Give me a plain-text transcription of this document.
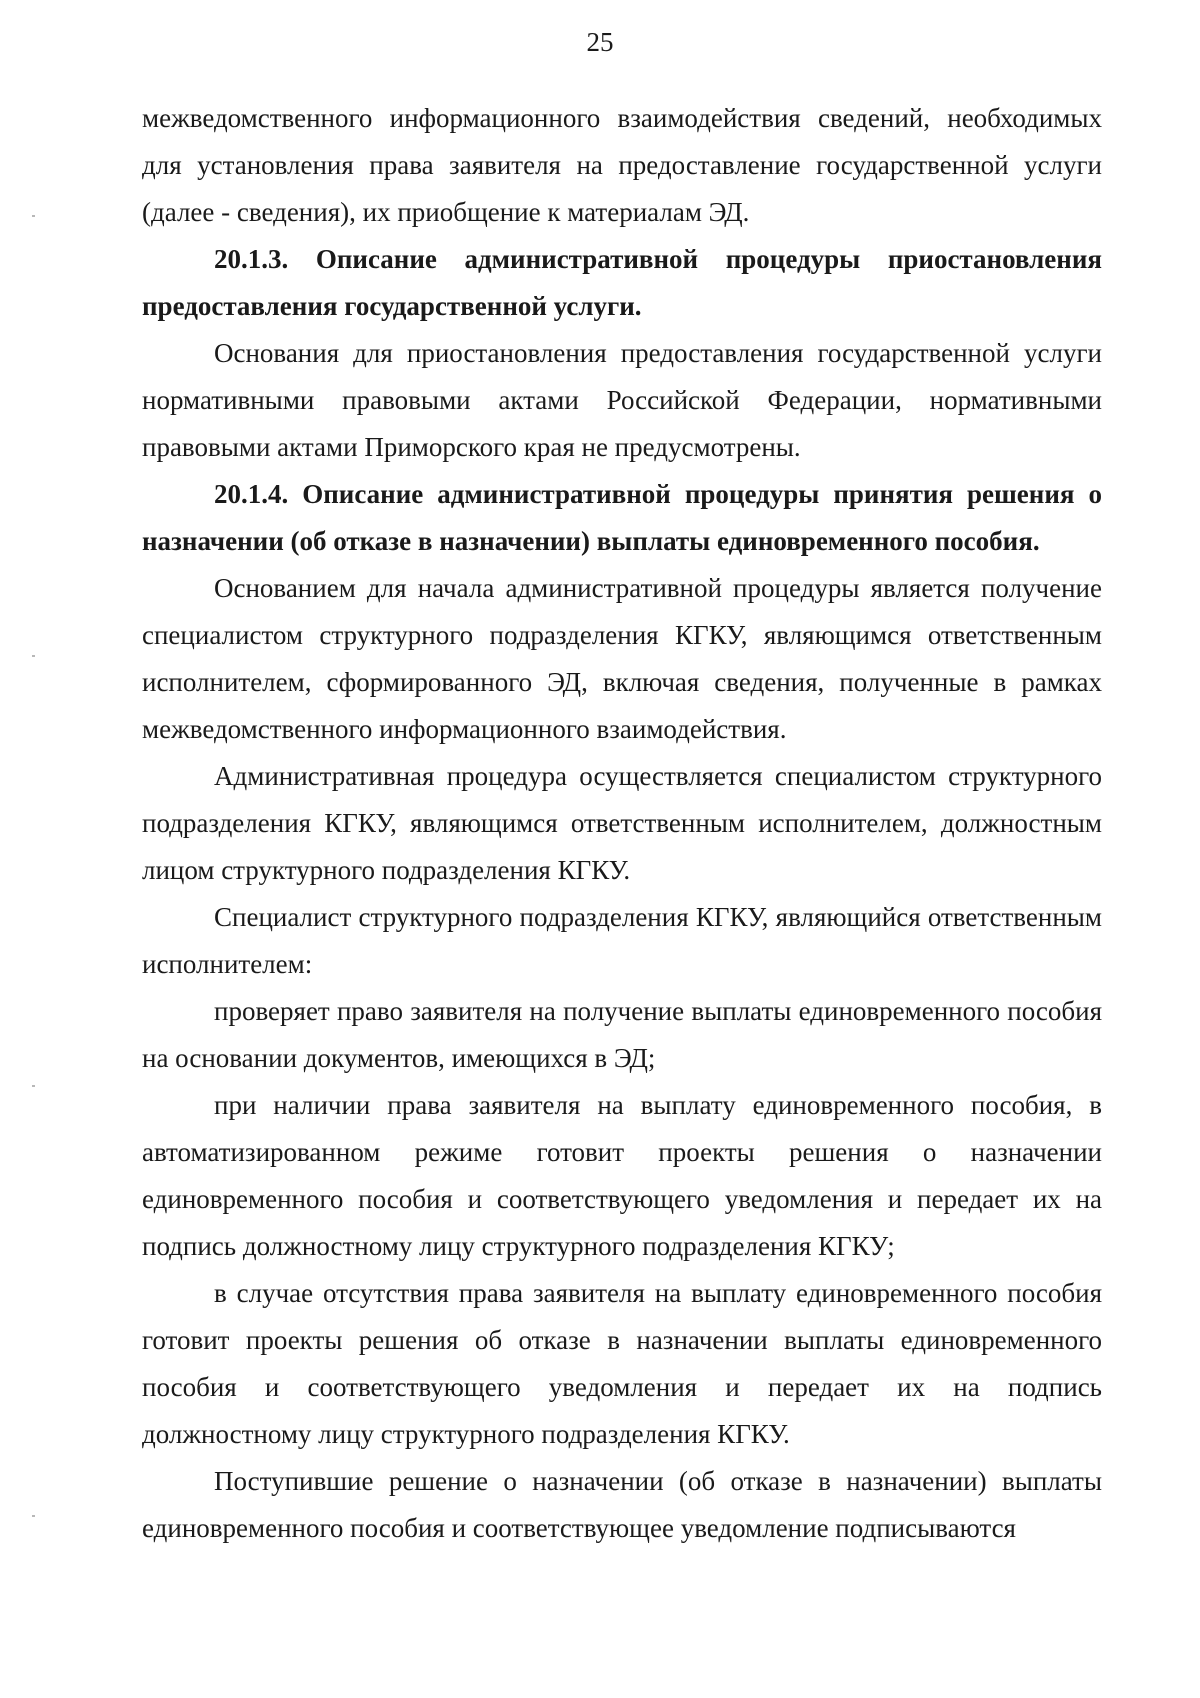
25

межведомственного информационного взаимодействия сведений, необходимых для установления права заявителя на предоставление государственной услуги (далее - сведения), их приобщение к материалам ЭД.

20.1.3. Описание административной процедуры приостановления предоставления государственной услуги.

Основания для приостановления предоставления государственной услуги нормативными правовыми актами Российской Федерации, нормативными правовыми актами Приморского края не предусмотрены.

20.1.4. Описание административной процедуры принятия решения о назначении (об отказе в назначении) выплаты единовременного пособия.

Основанием для начала административной процедуры является получение специалистом структурного подразделения КГКУ, являющимся ответственным исполнителем, сформированного ЭД, включая сведения, полученные в рамках межведомственного информационного взаимодействия.

Административная процедура осуществляется специалистом структурного подразделения КГКУ, являющимся ответственным исполнителем, должностным лицом структурного подразделения КГКУ.

Специалист структурного подразделения КГКУ, являющийся ответственным исполнителем:

проверяет право заявителя на получение выплаты единовременного пособия на основании документов, имеющихся в ЭД;

при наличии права заявителя на выплату единовременного пособия, в автоматизированном режиме готовит проекты решения о назначении единовременного пособия и соответствующего уведомления и передает их на подпись должностному лицу структурного подразделения КГКУ;

в случае отсутствия права заявителя на выплату единовременного пособия готовит проекты решения об отказе в назначении выплаты единовременного пособия и соответствующего уведомления и передает их на подпись должностному лицу структурного подразделения КГКУ.

Поступившие решение о назначении (об отказе в назначении) выплаты единовременного пособия и соответствующее уведомление подписываются
